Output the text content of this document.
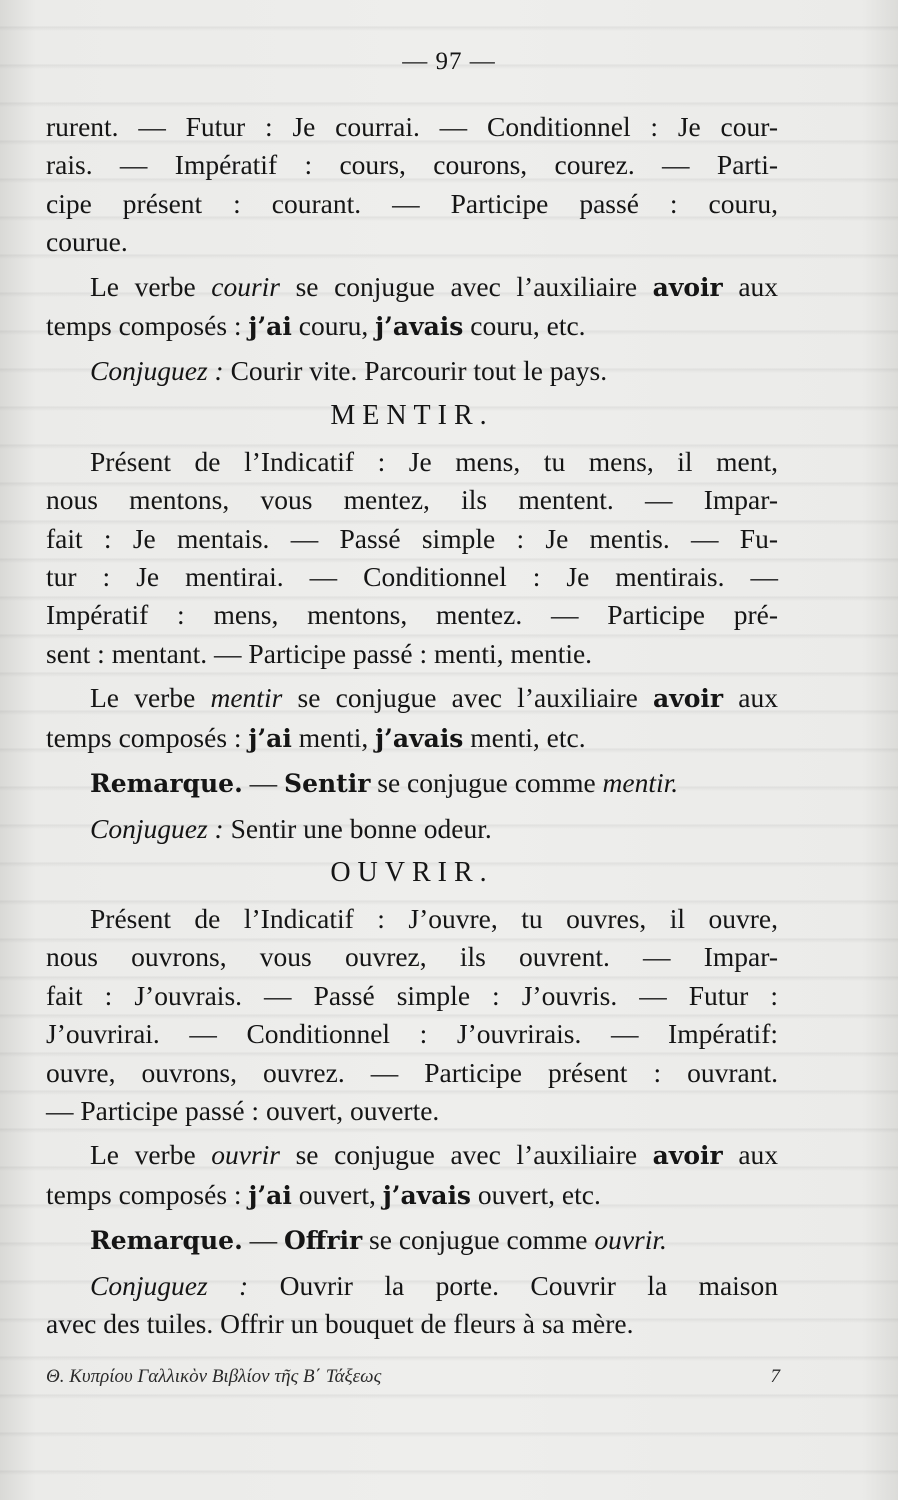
— 97 —
rurent. — Futur : Je courrai. — Conditionnel : Je cour-
rais. — Impératif : cours, courons, courez. — Parti-
cipe présent : courant. — Participe passé : couru,
courue.
Le verbe courir se conjugue avec l’auxiliaire avoir aux temps composés : j’ai couru, j’avais couru, etc.
Conjuguez : Courir vite. Parcourir tout le pays.
MENTIR.
Présent de l’Indicatif : Je mens, tu mens, il ment,
nous mentons, vous mentez, ils mentent. — Impar-
fait : Je mentais. — Passé simple : Je mentis. — Fu-
tur : Je mentirai. — Conditionnel : Je mentirais. —
Impératif : mens, mentons, mentez. — Participe pré-
sent : mentant. — Participe passé : menti, mentie.
Le verbe mentir se conjugue avec l’auxiliaire avoir aux temps composés : j’ai menti, j’avais menti, etc.
Remarque. — Sentir se conjugue comme mentir.
Conjuguez : Sentir une bonne odeur.
OUVRIR.
Présent de l’Indicatif : J’ouvre, tu ouvres, il ouvre,
nous ouvrons, vous ouvrez, ils ouvrent. — Impar-
fait : J’ouvrais. — Passé simple : J’ouvris. — Futur :
J’ouvrirai. — Conditionnel : J’ouvrirais. — Impératif:
ouvre, ouvrons, ouvrez. — Participe présent : ouvrant.
— Participe passé : ouvert, ouverte.
Le verbe ouvrir se conjugue avec l’auxiliaire avoir aux temps composés : j’ai ouvert, j’avais ouvert, etc.
Remarque. — Offrir se conjugue comme ouvrir.
Conjuguez : Ouvrir la porte. Couvrir la maison
avec des tuiles. Offrir un bouquet de fleurs à sa mère.
Θ. Κυπρίου Γαλλικὸν Βιβλίον τῆς Β΄ Τάξεως	7
